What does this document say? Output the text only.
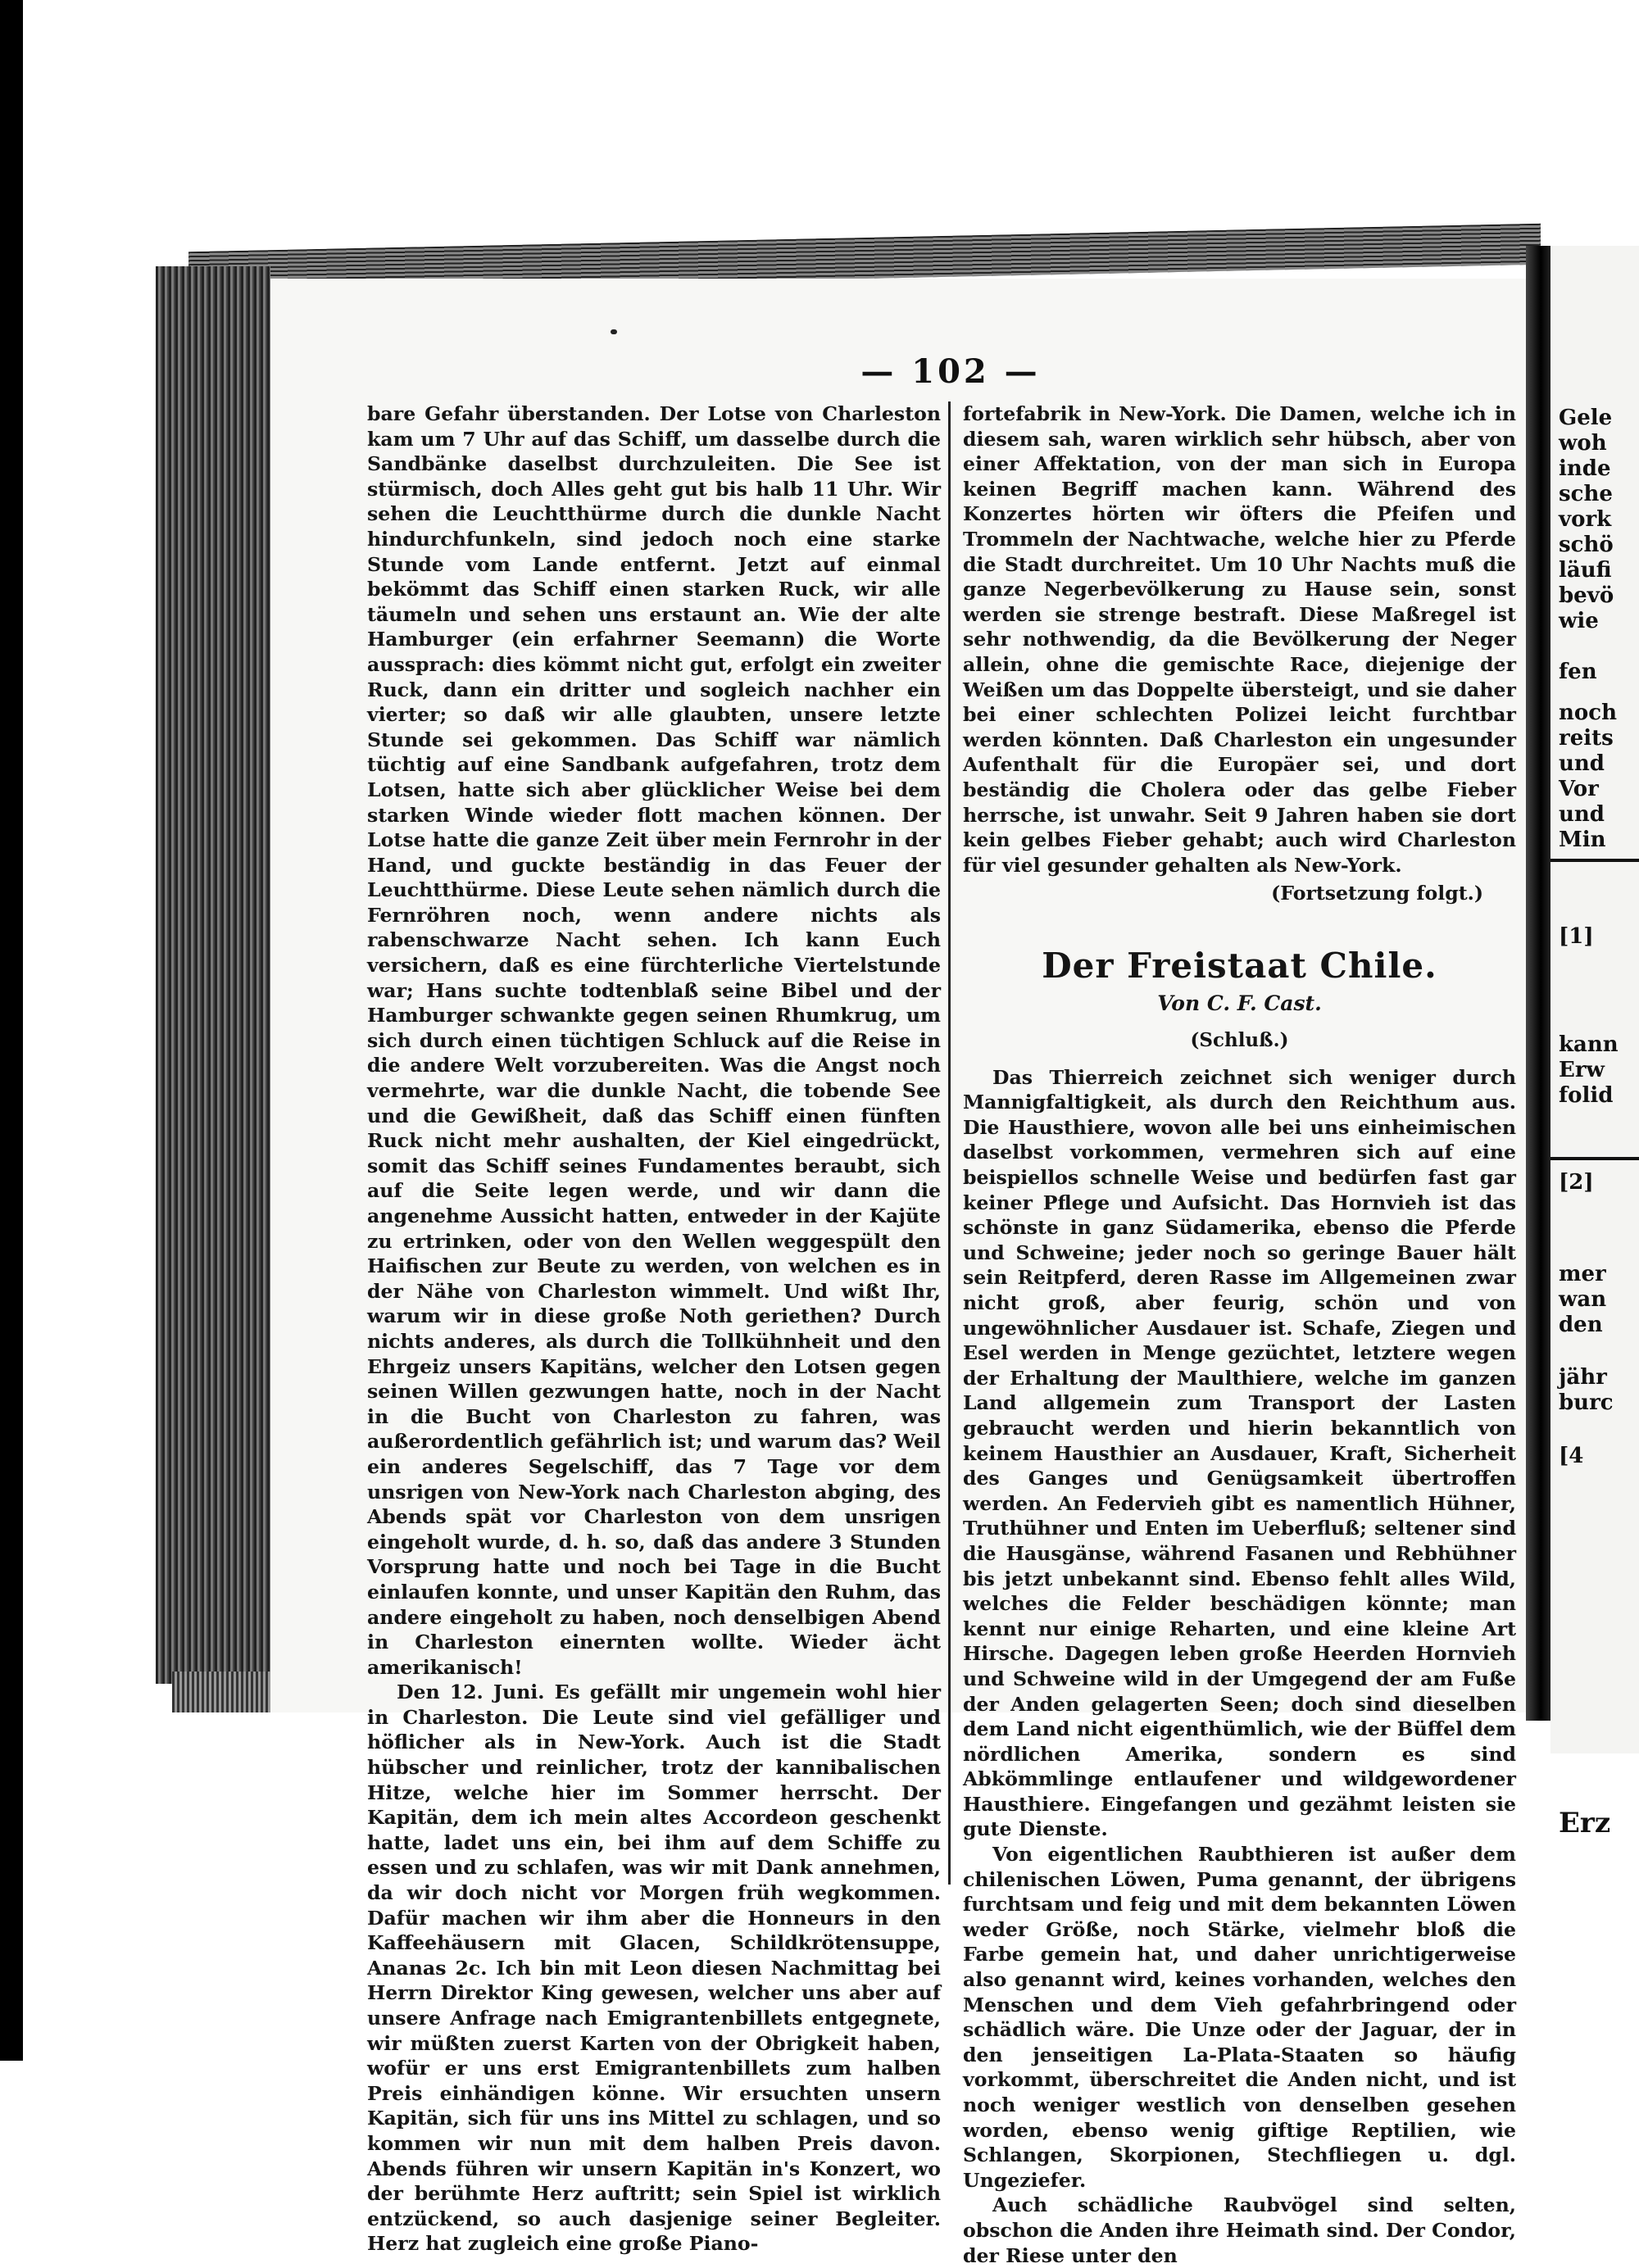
— 102 —

bare Gefahr überstanden. Der Lotse von Charleston kam um 7 Uhr auf das Schiff, um dasselbe durch die Sandbänke daselbst durchzuleiten. Die See ist stürmisch, doch Alles geht gut bis halb 11 Uhr. Wir sehen die Leuchtthürme durch die dunkle Nacht hindurchfunkeln, sind jedoch noch eine starke Stunde vom Lande entfernt. Jetzt auf einmal bekömmt das Schiff einen starken Ruck, wir alle täumeln und sehen uns erstaunt an. Wie der alte Hamburger (ein erfahrner Seemann) die Worte aussprach: dies kömmt nicht gut, erfolgt ein zweiter Ruck, dann ein dritter und sogleich nachher ein vierter; so daß wir alle glaubten, unsere letzte Stunde sei gekommen. Das Schiff war nämlich tüchtig auf eine Sandbank aufgefahren, trotz dem Lotsen, hatte sich aber glücklicher Weise bei dem starken Winde wieder flott machen können. Der Lotse hatte die ganze Zeit über mein Fernrohr in der Hand, und guckte beständig in das Feuer der Leuchtthürme. Diese Leute sehen nämlich durch die Fernröhren noch, wenn andere nichts als rabenschwarze Nacht sehen. Ich kann Euch versichern, daß es eine fürchterliche Viertelstunde war; Hans suchte todtenblaß seine Bibel und der Hamburger schwankte gegen seinen Rhumkrug, um sich durch einen tüchtigen Schluck auf die Reise in die andere Welt vorzubereiten. Was die Angst noch vermehrte, war die dunkle Nacht, die tobende See und die Gewißheit, daß das Schiff einen fünften Ruck nicht mehr aushalten, der Kiel eingedrückt, somit das Schiff seines Fundamentes beraubt, sich auf die Seite legen werde, und wir dann die angenehme Aussicht hatten, entweder in der Kajüte zu ertrinken, oder von den Wellen weggespült den Haifischen zur Beute zu werden, von welchen es in der Nähe von Charleston wimmelt. Und wißt Ihr, warum wir in diese große Noth geriethen? Durch nichts anderes, als durch die Tollkühnheit und den Ehrgeiz unsers Kapitäns, welcher den Lotsen gegen seinen Willen gezwungen hatte, noch in der Nacht in die Bucht von Charleston zu fahren, was außerordentlich gefährlich ist; und warum das? Weil ein anderes Segelschiff, das 7 Tage vor dem unsrigen von New-York nach Charleston abging, des Abends spät vor Charleston von dem unsrigen eingeholt wurde, d. h. so, daß das andere 3 Stunden Vorsprung hatte und noch bei Tage in die Bucht einlaufen konnte, und unser Kapitän den Ruhm, das andere eingeholt zu haben, noch denselbigen Abend in Charleston einernten wollte. Wieder ächt amerikanisch!

Den 12. Juni. Es gefällt mir ungemein wohl hier in Charleston. Die Leute sind viel gefälliger und höflicher als in New-York. Auch ist die Stadt hübscher und reinlicher, trotz der kannibalischen Hitze, welche hier im Sommer herrscht. Der Kapitän, dem ich mein altes Accordeon geschenkt hatte, ladet uns ein, bei ihm auf dem Schiffe zu essen und zu schlafen, was wir mit Dank annehmen, da wir doch nicht vor Morgen früh wegkommen. Dafür machen wir ihm aber die Honneurs in den Kaffeehäusern mit Glacen, Schildkrötensuppe, Ananas 2c. Ich bin mit Leon diesen Nachmittag bei Herrn Direktor King gewesen, welcher uns aber auf unsere Anfrage nach Emigrantenbillets entgegnete, wir müßten zuerst Karten von der Obrigkeit haben, wofür er uns erst Emigrantenbillets zum halben Preis einhändigen könne. Wir ersuchten unsern Kapitän, sich für uns ins Mittel zu schlagen, und so kommen wir nun mit dem halben Preis davon. Abends führen wir unsern Kapitän in's Konzert, wo der berühmte Herz auftritt; sein Spiel ist wirklich entzückend, so auch dasjenige seiner Begleiter. Herz hat zugleich eine große Piano-

fortefabrik in New-York. Die Damen, welche ich in diesem sah, waren wirklich sehr hübsch, aber von einer Affektation, von der man sich in Europa keinen Begriff machen kann. Während des Konzertes hörten wir öfters die Pfeifen und Trommeln der Nachtwache, welche hier zu Pferde die Stadt durchreitet. Um 10 Uhr Nachts muß die ganze Negerbevölkerung zu Hause sein, sonst werden sie strenge bestraft. Diese Maßregel ist sehr nothwendig, da die Bevölkerung der Neger allein, ohne die gemischte Race, diejenige der Weißen um das Doppelte übersteigt, und sie daher bei einer schlechten Polizei leicht furchtbar werden könnten. Daß Charleston ein ungesunder Aufenthalt für die Europäer sei, und dort beständig die Cholera oder das gelbe Fieber herrsche, ist unwahr. Seit 9 Jahren haben sie dort kein gelbes Fieber gehabt; auch wird Charleston für viel gesunder gehalten als New-York.

(Fortsetzung folgt.)

Der Freistaat Chile.
Von C. F. Cast.
(Schluß.)

Das Thierreich zeichnet sich weniger durch Mannigfaltigkeit, als durch den Reichthum aus. Die Hausthiere, wovon alle bei uns einheimischen daselbst vorkommen, vermehren sich auf eine beispiellos schnelle Weise und bedürfen fast gar keiner Pflege und Aufsicht. Das Hornvieh ist das schönste in ganz Südamerika, ebenso die Pferde und Schweine; jeder noch so geringe Bauer hält sein Reitpferd, deren Rasse im Allgemeinen zwar nicht groß, aber feurig, schön und von ungewöhnlicher Ausdauer ist. Schafe, Ziegen und Esel werden in Menge gezüchtet, letztere wegen der Erhaltung der Maulthiere, welche im ganzen Land allgemein zum Transport der Lasten gebraucht werden und hierin bekanntlich von keinem Hausthier an Ausdauer, Kraft, Sicherheit des Ganges und Genügsamkeit übertroffen werden. An Federvieh gibt es namentlich Hühner, Truthühner und Enten im Ueberfluß; seltener sind die Hausgänse, während Fasanen und Rebhühner bis jetzt unbekannt sind. Ebenso fehlt alles Wild, welches die Felder beschädigen könnte; man kennt nur einige Reharten, und eine kleine Art Hirsche. Dagegen leben große Heerden Hornvieh und Schweine wild in der Umgegend der am Fuße der Anden gelagerten Seen; doch sind dieselben dem Land nicht eigenthümlich, wie der Büffel dem nördlichen Amerika, sondern es sind Abkömmlinge entlaufener und wildgewordener Hausthiere. Eingefangen und gezähmt leisten sie gute Dienste.

Von eigentlichen Raubthieren ist außer dem chilenischen Löwen, Puma genannt, der übrigens furchtsam und feig und mit dem bekannten Löwen weder Größe, noch Stärke, vielmehr bloß die Farbe gemein hat, und daher unrichtigerweise also genannt wird, keines vorhanden, welches den Menschen und dem Vieh gefahrbringend oder schädlich wäre. Die Unze oder der Jaguar, der in den jenseitigen La-Plata-Staaten so häufig vorkommt, überschreitet die Anden nicht, und ist noch weniger westlich von denselben gesehen worden, ebenso wenig giftige Reptilien, wie Schlangen, Skorpionen, Stechfliegen u. dgl. Ungeziefer.

Auch schädliche Raubvögel sind selten, obschon die Anden ihre Heimath sind. Der Condor, der Riese unter den

Gele
woh
inde
sche
vork
schö
läufi
bevö
wie
fen
noch
reits
und
Vor
und
Min
[1]
kann
Erw
folid
[2]
mer
wan
den
jähr
burc
[4
Erz
